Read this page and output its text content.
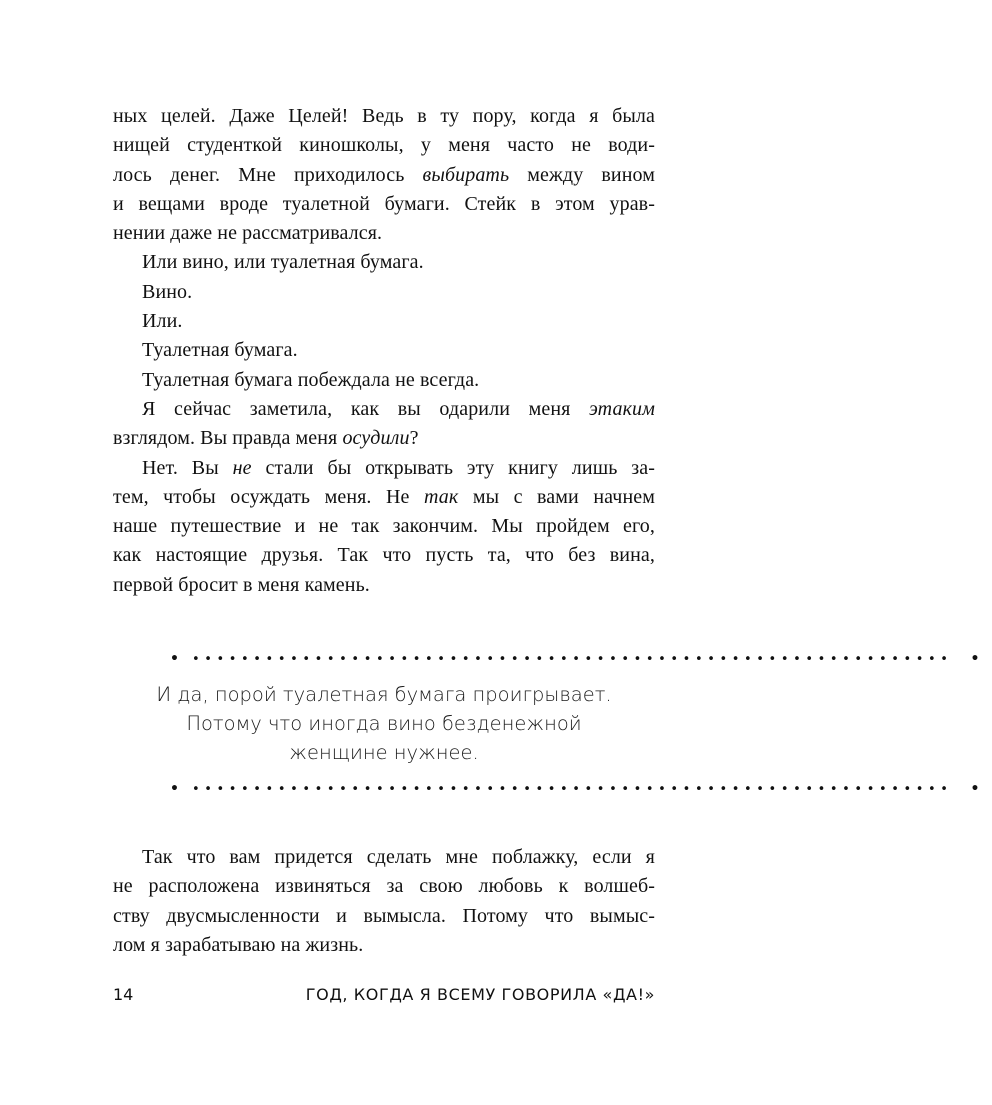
ных целей. Даже Целей! Ведь в ту пору, когда я была
нищей студенткой киношколы, у меня часто не води-
лось денег. Мне приходилось выбирать между вином
и вещами вроде туалетной бумаги. Стейк в этом урав-
нении даже не рассматривался.
Или вино, или туалетная бумага.
Вино.
Или.
Туалетная бумага.
Туалетная бумага побеждала не всегда.
Я сейчас заметила, как вы одарили меня этаким
взглядом. Вы правда меня осудили?
Нет. Вы не стали бы открывать эту книгу лишь за-
тем, чтобы осуждать меня. Не так мы с вами начнем
наше путешествие и не так закончим. Мы пройдем его,
как настоящие друзья. Так что пусть та, что без вина,
первой бросит в меня камень.
••••••••••••••••••••••••••••••••••••••••••••••••••••••••••••••• •
И да, порой туалетная бумага проигрывает.
Потому что иногда вино безденежной
женщине нужнее.
••••••••••••••••••••••••••••••••••••••••••••••••••••••••••••••• •
Так что вам придется сделать мне поблажку, если я
не расположена извиняться за свою любовь к волшеб-
ству двусмысленности и вымысла. Потому что вымыс-
лом я зарабатываю на жизнь.
14	ГОД, КОГДА Я ВСЕМУ ГОВОРИЛА «ДА!»
